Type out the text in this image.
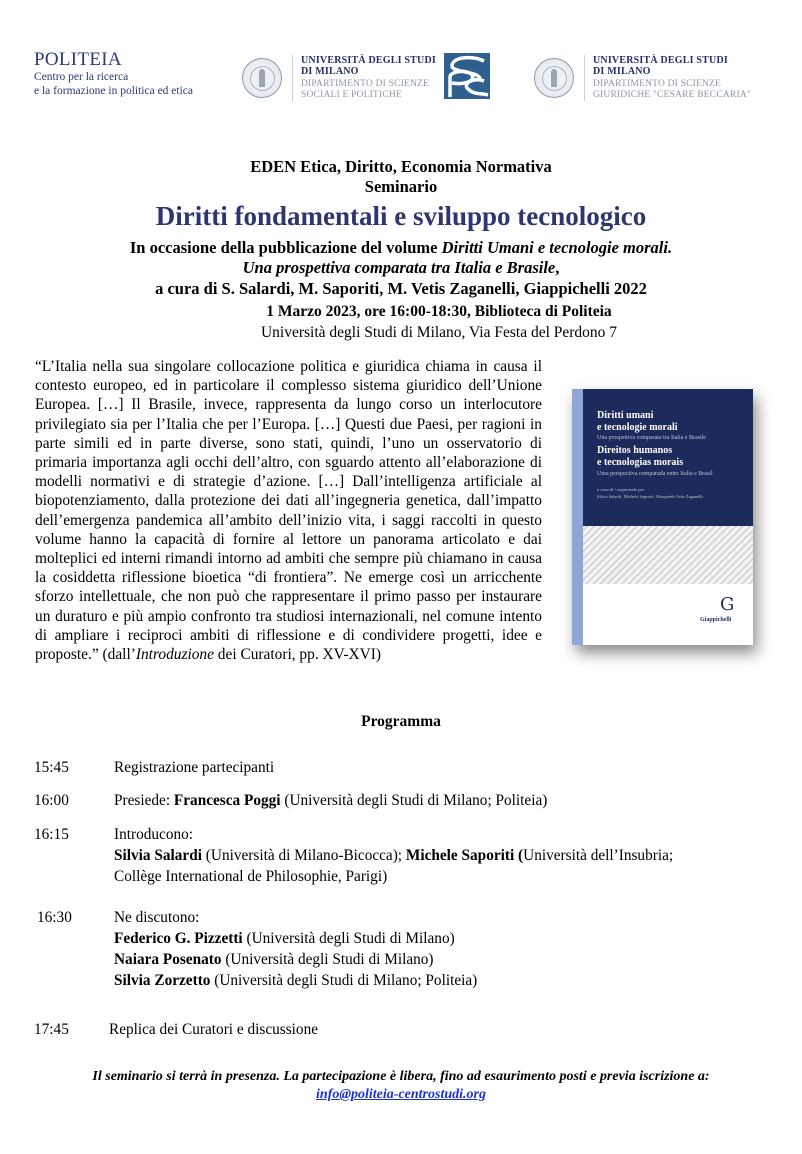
POLITEIA
Centro per la ricerca
e la formazione in politica ed etica
UNIVERSITÀ DEGLI STUDI
DI MILANO
DIPARTIMENTO DI SCIENZE
SOCIALI E POLITICHE
UNIVERSITÀ DEGLI STUDI
DI MILANO
DIPARTIMENTO DI SCIENZE
GIURIDICHE "CESARE BECCARIA"
EDEN Etica, Diritto, Economia Normativa
Seminario
Diritti fondamentali e sviluppo tecnologico
In occasione della pubblicazione del volume Diritti Umani e tecnologie morali.
Una prospettiva comparata tra Italia e Brasile,
a cura di S. Salardi, M. Saporiti, M. Vetis Zaganelli, Giappichelli 2022
1 Marzo 2023, ore 16:00-18:30, Biblioteca di Politeia
Università degli Studi di Milano, Via Festa del Perdono 7
“L’Italia nella sua singolare collocazione politica e giuridica chiama in causa il contesto europeo, ed in particolare il complesso sistema giuridico dell’Unione Europea. […] Il Brasile, invece, rappresenta da lungo corso un interlocutore privilegiato sia per l’Italia che per l’Europa. […] Questi due Paesi, per ragioni in parte simili ed in parte diverse, sono stati, quindi, l’uno un osservatorio di primaria importanza agli occhi dell’altro, con sguardo attento all’elaborazione di modelli normativi e di strategie d’azione. […] Dall’intelligenza artificiale al biopotenziamento, dalla protezione dei dati all’ingegneria genetica, dall’impatto dell’emergenza pandemica all’ambito dell’inizio vita, i saggi raccolti in questo volume hanno la capacità di fornire al lettore un panorama articolato e dai molteplici ed interni rimandi intorno ad ambiti che sempre più chiamano in causa la cosiddetta riflessione bioetica “di frontiera”. Ne emerge così un arricchente sforzo intellettuale, che non può che rappresentare il primo passo per instaurare un duraturo e più ampio confronto tra studiosi internazionali, nel comune intento di ampliare i reciproci ambiti di riflessione e di condividere progetti, idee e proposte.” (dall’Introduzione dei Curatori, pp. XV-XVI)
Diritti umani
e tecnologie morali
Una prospettiva comparata tra Italia e Brasile
Direitos humanos
e tecnologias morais
Uma perspectiva comparada entre Italia e Brasil
a cura di / organizado por
Silvia Salardi, Michele Saporiti, Margareth Vetis Zaganelli
G
Giappichelli
Programma
15:45	Registrazione partecipanti
16:00	Presiede: Francesca Poggi (Università degli Studi di Milano; Politeia)
16:15	Introducono:
Silvia Salardi (Università di Milano-Bicocca); Michele Saporiti (Università dell’Insubria;
Collège International de Philosophie, Parigi)
16:30	Ne discutono:
Federico G. Pizzetti (Università degli Studi di Milano)
Naiara Posenato (Università degli Studi di Milano)
Silvia Zorzetto (Università degli Studi di Milano; Politeia)
17:45	Replica dei Curatori e discussione
Il seminario si terrà in presenza. La partecipazione è libera, fino ad esaurimento posti e previa iscrizione a:
info@politeia-centrostudi.org
